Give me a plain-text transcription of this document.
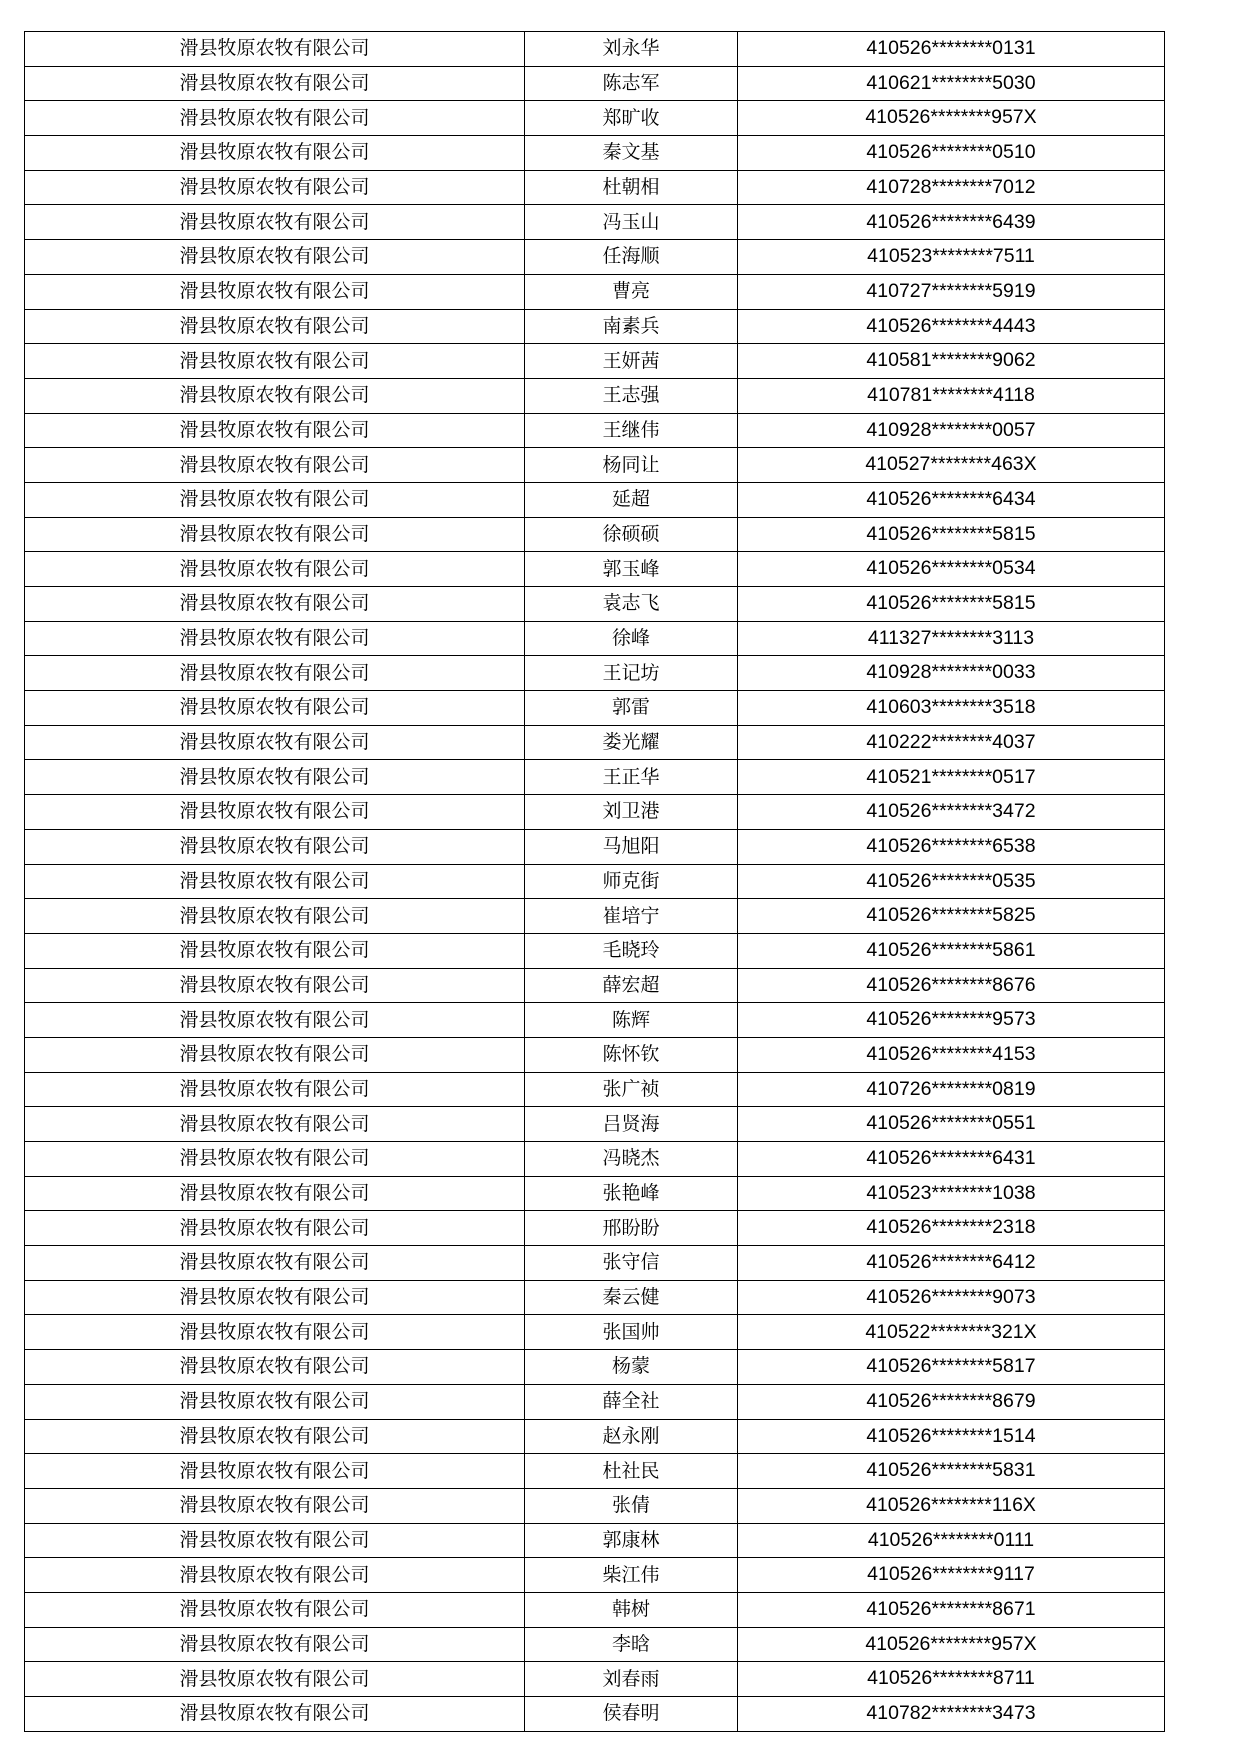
滑县牧原农牧有限公司	刘永华	410526********0131
滑县牧原农牧有限公司	陈志军	410621********5030
滑县牧原农牧有限公司	郑旷收	410526********957X
滑县牧原农牧有限公司	秦文基	410526********0510
滑县牧原农牧有限公司	杜朝相	410728********7012
滑县牧原农牧有限公司	冯玉山	410526********6439
滑县牧原农牧有限公司	任海顺	410523********7511
滑县牧原农牧有限公司	曹亮	410727********5919
滑县牧原农牧有限公司	南素兵	410526********4443
滑县牧原农牧有限公司	王妍茜	410581********9062
滑县牧原农牧有限公司	王志强	410781********4118
滑县牧原农牧有限公司	王继伟	410928********0057
滑县牧原农牧有限公司	杨同让	410527********463X
滑县牧原农牧有限公司	延超	410526********6434
滑县牧原农牧有限公司	徐硕硕	410526********5815
滑县牧原农牧有限公司	郭玉峰	410526********0534
滑县牧原农牧有限公司	袁志飞	410526********5815
滑县牧原农牧有限公司	徐峰	411327********3113
滑县牧原农牧有限公司	王记坊	410928********0033
滑县牧原农牧有限公司	郭雷	410603********3518
滑县牧原农牧有限公司	娄光耀	410222********4037
滑县牧原农牧有限公司	王正华	410521********0517
滑县牧原农牧有限公司	刘卫港	410526********3472
滑县牧原农牧有限公司	马旭阳	410526********6538
滑县牧原农牧有限公司	师克街	410526********0535
滑县牧原农牧有限公司	崔培宁	410526********5825
滑县牧原农牧有限公司	毛晓玲	410526********5861
滑县牧原农牧有限公司	薛宏超	410526********8676
滑县牧原农牧有限公司	陈辉	410526********9573
滑县牧原农牧有限公司	陈怀钦	410526********4153
滑县牧原农牧有限公司	张广祯	410726********0819
滑县牧原农牧有限公司	吕贤海	410526********0551
滑县牧原农牧有限公司	冯晓杰	410526********6431
滑县牧原农牧有限公司	张艳峰	410523********1038
滑县牧原农牧有限公司	邢盼盼	410526********2318
滑县牧原农牧有限公司	张守信	410526********6412
滑县牧原农牧有限公司	秦云健	410526********9073
滑县牧原农牧有限公司	张国帅	410522********321X
滑县牧原农牧有限公司	杨蒙	410526********5817
滑县牧原农牧有限公司	薛全社	410526********8679
滑县牧原农牧有限公司	赵永刚	410526********1514
滑县牧原农牧有限公司	杜社民	410526********5831
滑县牧原农牧有限公司	张倩	410526********116X
滑县牧原农牧有限公司	郭康林	410526********0111
滑县牧原农牧有限公司	柴江伟	410526********9117
滑县牧原农牧有限公司	韩树	410526********8671
滑县牧原农牧有限公司	李晗	410526********957X
滑县牧原农牧有限公司	刘春雨	410526********8711
滑县牧原农牧有限公司	侯春明	410782********3473
